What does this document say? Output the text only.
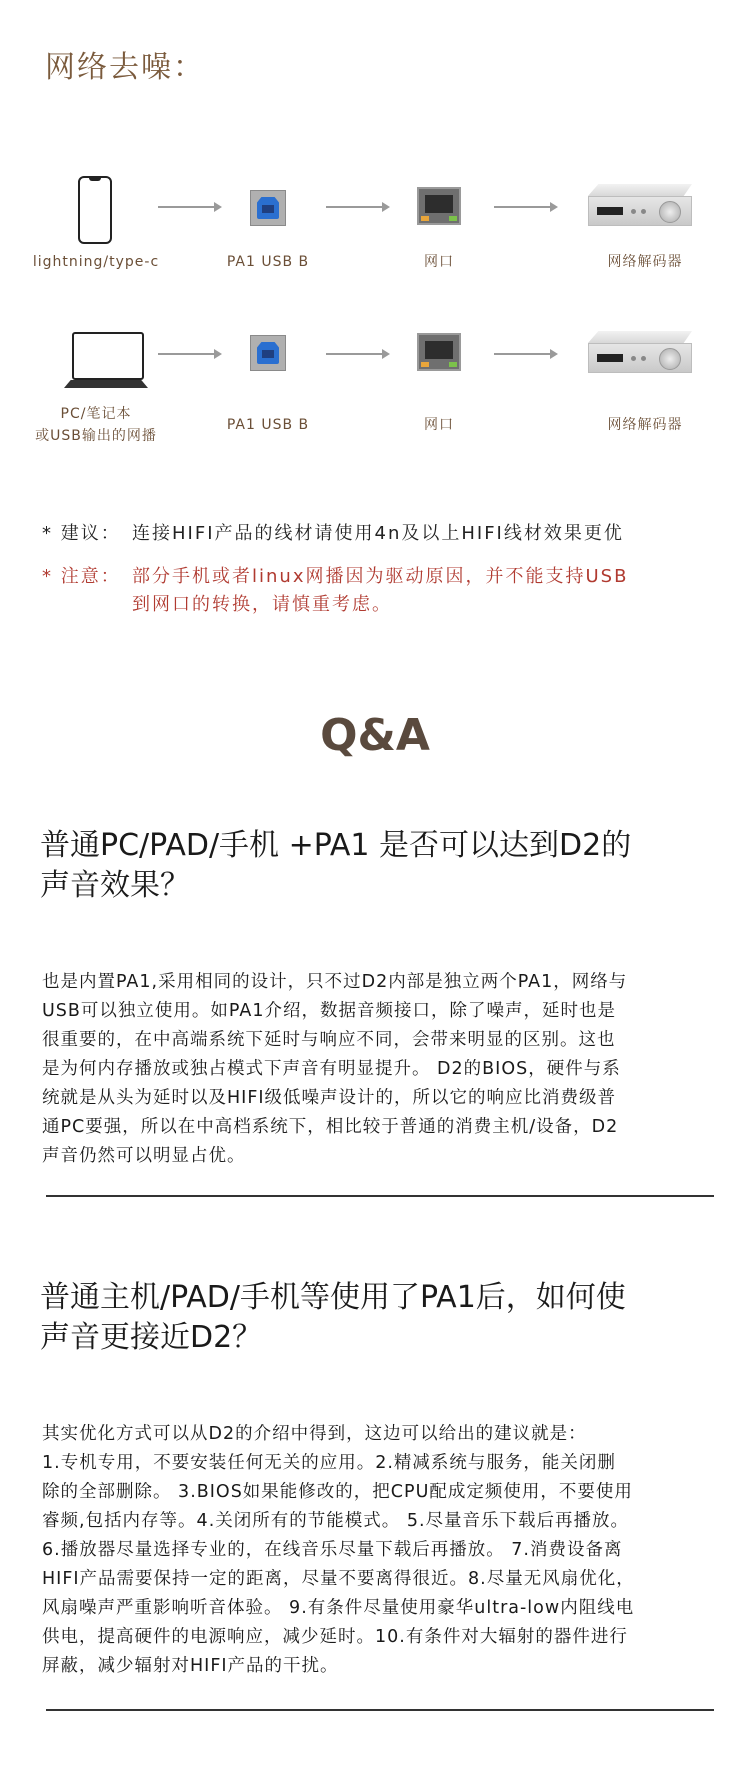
网络去噪：
lightning/type-c	PA1 USB B	网口	网络解码器
PC/笔记本
或USB输出的网播
PA1 USB B	网口	网络解码器
* 建议： 连接HIFI产品的线材请使用4n及以上HIFI线材效果更优
* 注意： 部分手机或者linux网播因为驱动原因，并不能支持USB
到网口的转换，请慎重考虑。
Q&A
普通PC/PAD/手机 +PA1 是否可以达到D2的
声音效果？
也是内置PA1,采用相同的设计，只不过D2内部是独立两个PA1，网络与
USB可以独立使用。如PA1介绍，数据音频接口，除了噪声，延时也是
很重要的，在中高端系统下延时与响应不同，会带来明显的区别。这也
是为何内存播放或独占模式下声音有明显提升。 D2的BIOS，硬件与系
统就是从头为延时以及HIFI级低噪声设计的，所以它的响应比消费级普
通PC要强，所以在中高档系统下，相比较于普通的消费主机/设备，D2
声音仍然可以明显占优。
普通主机/PAD/手机等使用了PA1后，如何使
声音更接近D2？
其实优化方式可以从D2的介绍中得到，这边可以给出的建议就是：
1.专机专用，不要安装任何无关的应用。2.精减系统与服务，能关闭删
除的全部删除。 3.BIOS如果能修改的，把CPU配成定频使用，不要使用
睿频,包括内存等。4.关闭所有的节能模式。 5.尽量音乐下载后再播放。
6.播放器尽量选择专业的，在线音乐尽量下载后再播放。 7.消费设备离
HIFI产品需要保持一定的距离，尽量不要离得很近。8.尽量无风扇优化，
风扇噪声严重影响听音体验。 9.有条件尽量使用豪华ultra-low内阻线电
供电，提高硬件的电源响应，减少延时。10.有条件对大辐射的器件进行
屏蔽，减少辐射对HIFI产品的干扰。
